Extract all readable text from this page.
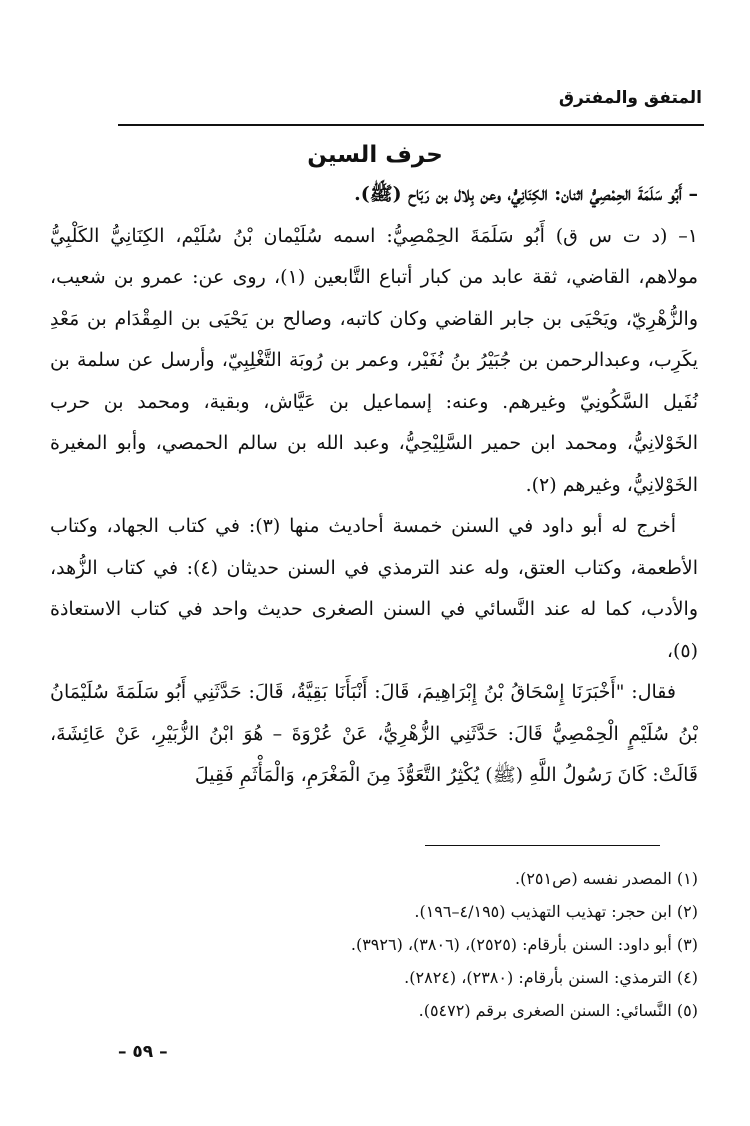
المتفق والمفترق
حرف السين

– أَبُو سَلَمَةَ الحِمْصِيُّ اثنان: الكِنَانِيُّ، وعن بِلال بن رَبَاح (ﷺ).

١– (د ت س ق) أَبُو سَلَمَةَ الحِمْصِيُّ: اسمه سُلَيْمان بْنُ سُلَيْم، الكِنَانِيُّ الكَلْبِيُّ مولاهم، القاضي، ثقة عابد من كبار أتباع التَّابعين (١)، روى عن: عمرو بن شعيب، والزُّهْرِيّ، ويَحْيَى بن جابر القاضي وكان كاتبه، وصالح بن يَحْيَى بن المِقْدَام بن مَعْدِ يكَرِب، وعبدالرحمن بن جُبَيْرُ بنُ نُفَيْر، وعمر بن رُوبَة التَّغْلِبِيّ، وأرسل عن سلمة بن نُفَيل السَّكُونِيّ وغيرهم. وعنه: إسماعيل بن عَيَّاش، وبقية، ومحمد بن حرب الخَوْلانِيُّ، ومحمد ابن حمير السَّلِيْحِيُّ، وعبد الله بن سالم الحمصي، وأبو المغيرة الخَوْلانِيُّ، وغيرهم (٢).

أخرج له أبو داود في السنن خمسة أحاديث منها (٣): في كتاب الجهاد، وكتاب الأطعمة، وكتاب العتق، وله عند الترمذي في السنن حديثان (٤): في كتاب الزُّهد، والأدب، كما له عند النَّسائي في السنن الصغرى حديث واحد في كتاب الاستعاذة (٥)،

فقال: "أَخْبَرَنَا إِسْحَاقُ بْنُ إِبْرَاهِيمَ، قَالَ: أَنْبَأَنَا بَقِيَّةُ، قَالَ: حَدَّثَنِي أَبُو سَلَمَةَ سُلَيْمَانُ بْنُ سُلَيْمٍ الْحِمْصِيُّ قَالَ: حَدَّثَنِي الزُّهْرِيُّ، عَنْ عُرْوَةَ – هُوَ ابْنُ الزُّبَيْرِ، عَنْ عَائِشَةَ، قَالَتْ: كَانَ رَسُولُ اللَّهِ (ﷺ) يُكْثِرُ التَّعَوُّذَ مِنَ الْمَغْرَمِ، وَالْمَأْثَمِ فَقِيلَ

(١) المصدر نفسه (ص٢٥١).
(٢) ابن حجر: تهذيب التهذيب (٤/١٩٥–١٩٦).
(٣) أبو داود: السنن بأرقام: (٢٥٢٥)، (٣٨٠٦)، (٣٩٢٦).
(٤) الترمذي: السنن بأرقام: (٢٣٨٠)، (٢٨٢٤).
(٥) النَّسائي: السنن الصغرى برقم (٥٤٧٢).
– ٥٩ –
